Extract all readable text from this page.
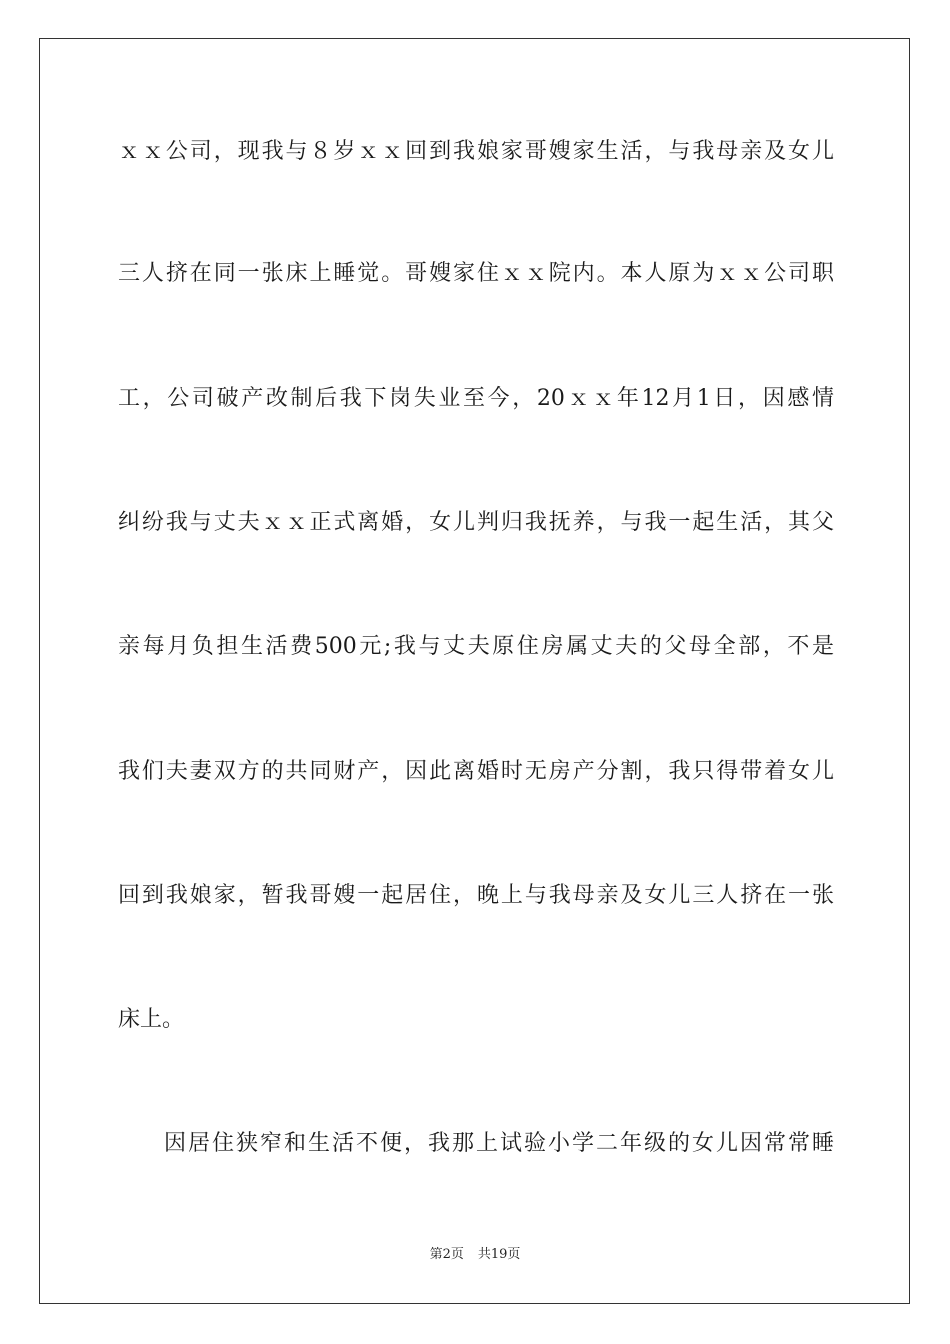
ｘｘ公司，现我与８岁ｘｘ回到我娘家哥嫂家生活，与我母亲及女儿
三人挤在同一张床上睡觉。哥嫂家住ｘｘ院内。本人原为ｘｘ公司职
工，公司破产改制后我下岗失业至今，20ｘｘ年12月1日，因感情
纠纷我与丈夫ｘｘ正式离婚，女儿判归我抚养，与我一起生活，其父
亲每月负担生活费500元;我与丈夫原住房属丈夫的父母全部，不是
我们夫妻双方的共同财产，因此离婚时无房产分割，我只得带着女儿
回到我娘家，暂我哥嫂一起居住，晚上与我母亲及女儿三人挤在一张
床上。
因居住狭窄和生活不便，我那上试验小学二年级的女儿因常常睡
第2页 共19页
